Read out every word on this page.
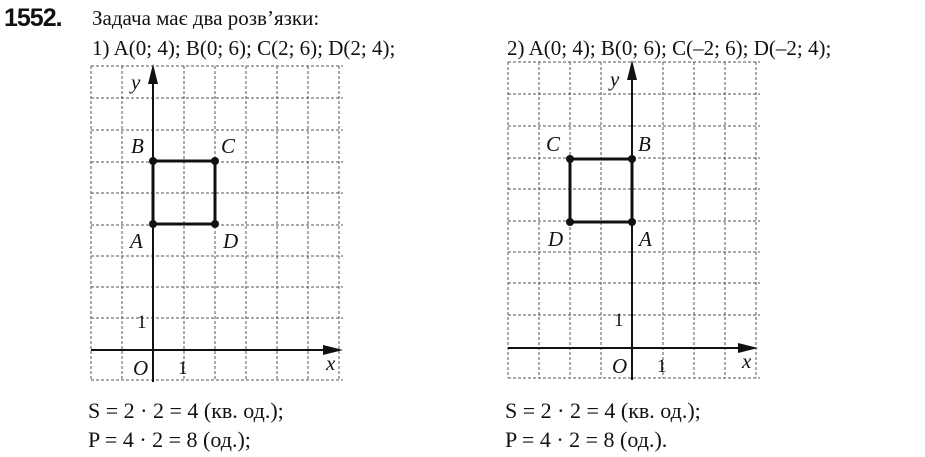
1552. Задача має два розв’язки:
1) A(0; 4); B(0; 6); C(2; 6); D(2; 4);	2) A(0; 4); B(0; 6); C(–2; 6); D(–2; 4);
y
x
O
B	C
A	D
1
1
y
x
O
C	B
D	A
1
1
S = 2 · 2 = 4 (кв. од.);
P = 4 · 2 = 8 (од.);
S = 2 · 2 = 4 (кв. од.);
P = 4 · 2 = 8 (од.).
